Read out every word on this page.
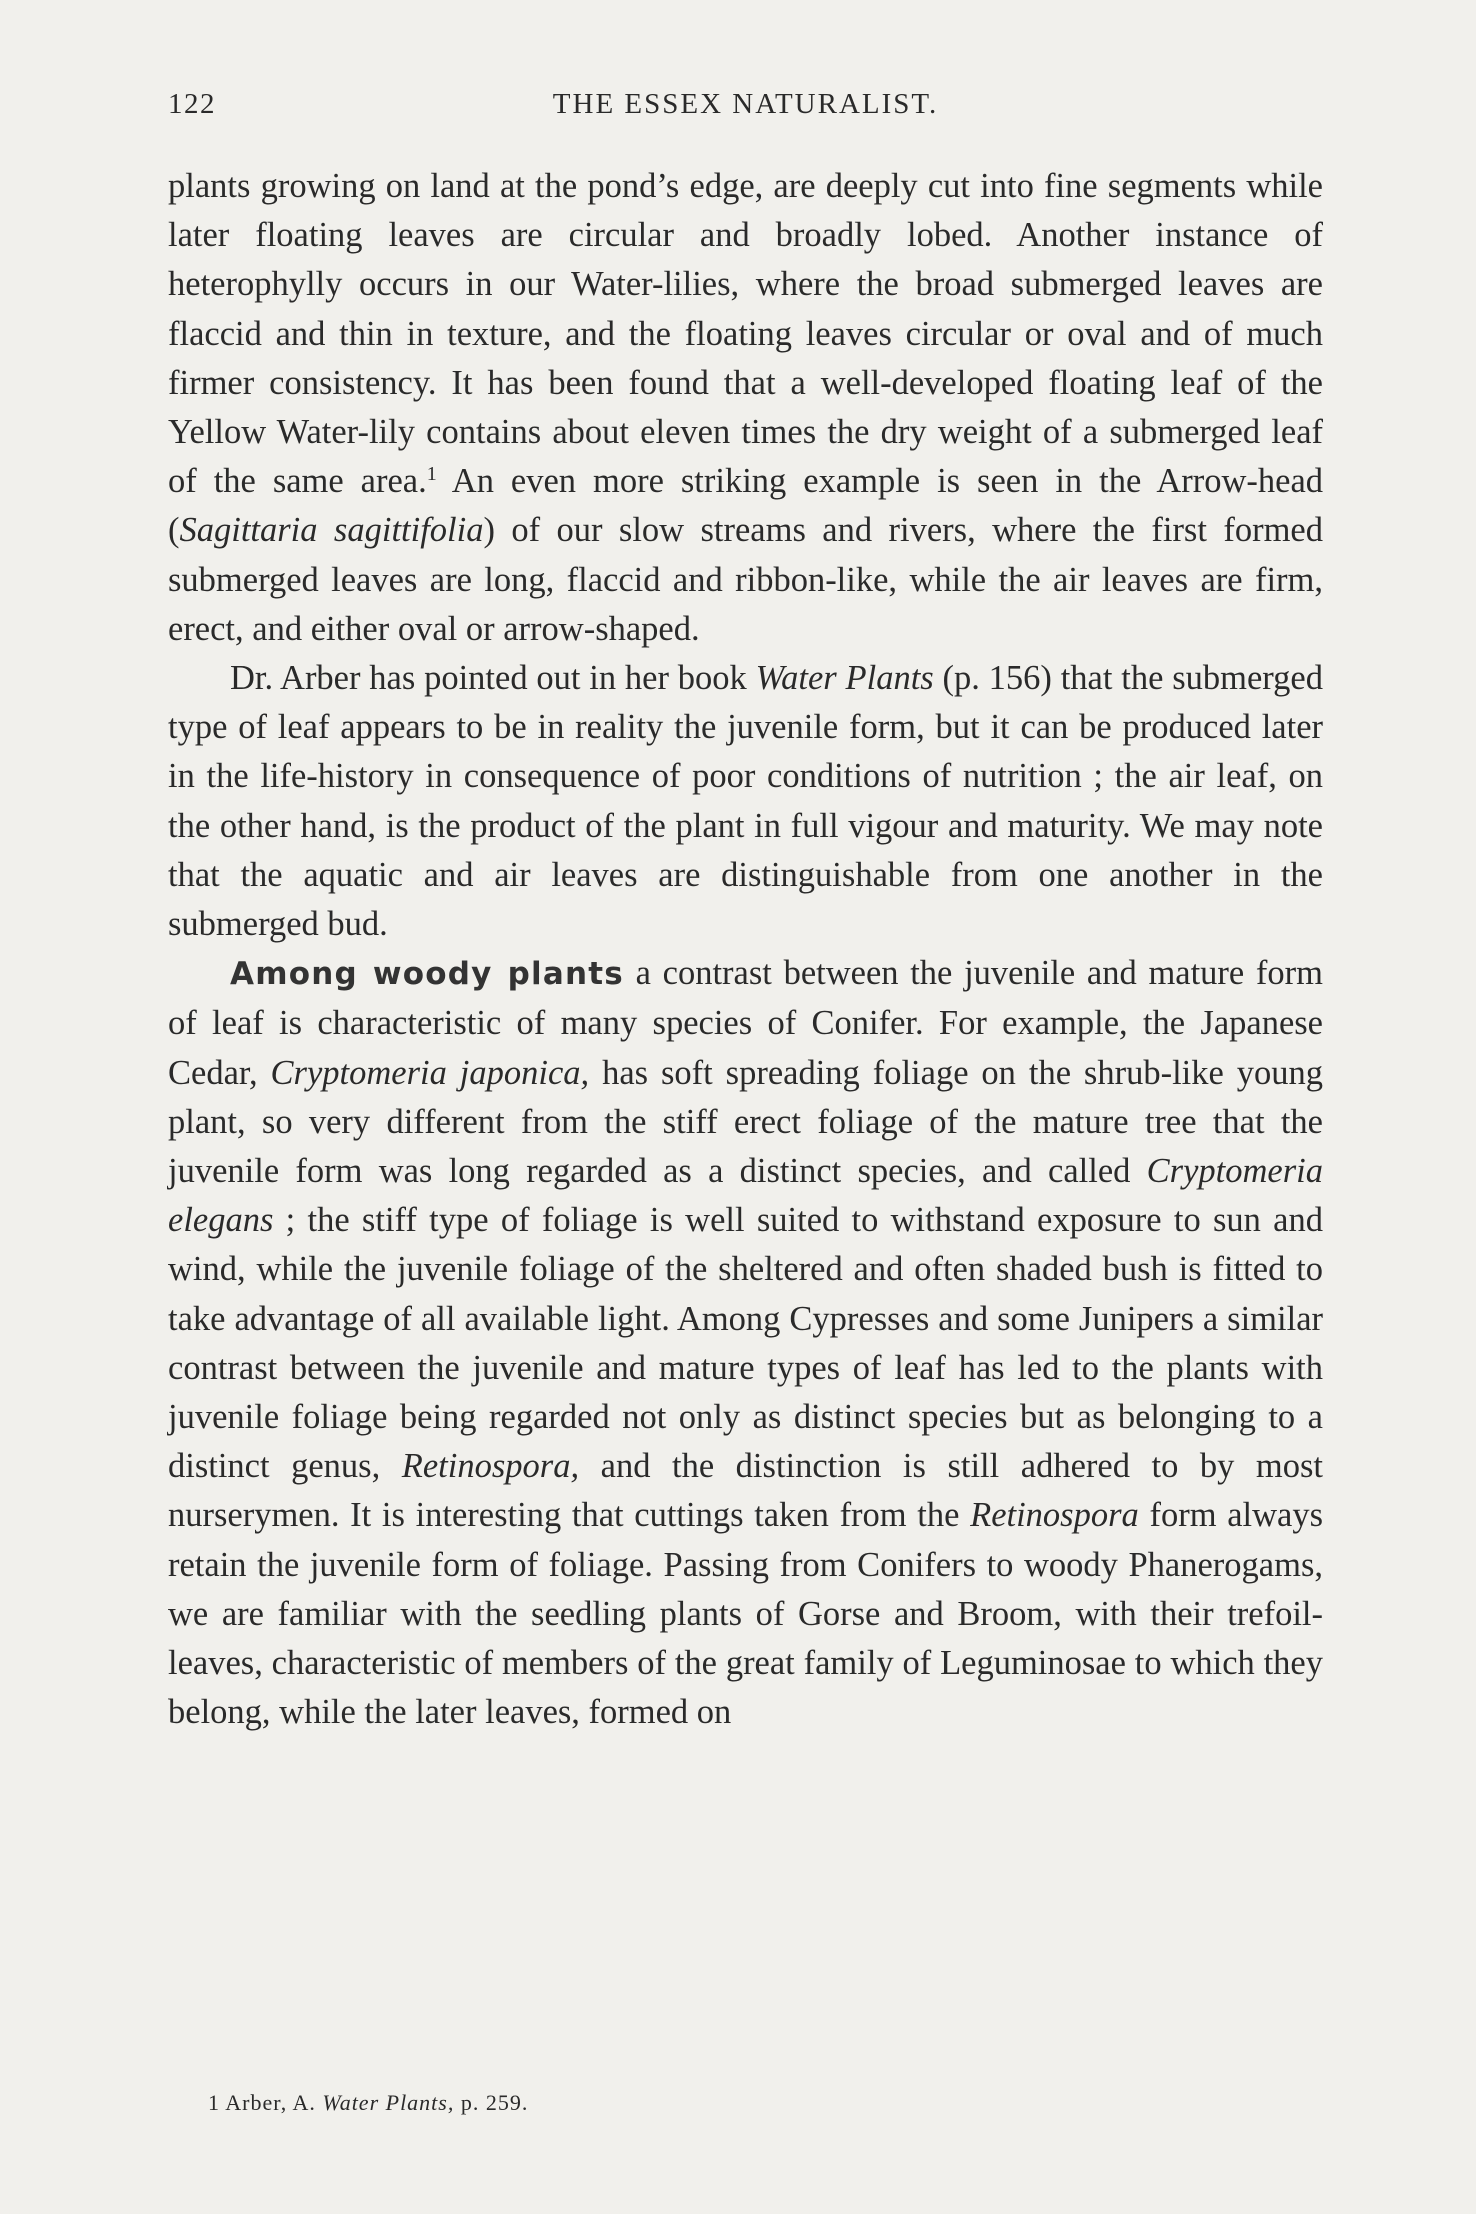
122	THE ESSEX NATURALIST.

plants growing on land at the pond’s edge, are deeply cut into fine segments while later floating leaves are circular and broadly lobed. Another instance of heterophylly occurs in our Water-lilies, where the broad submerged leaves are flaccid and thin in texture, and the floating leaves circular or oval and of much firmer consistency. It has been found that a well-developed floating leaf of the Yellow Water-lily contains about eleven times the dry weight of a submerged leaf of the same area.$^1$ An even more striking example is seen in the Arrow-head (Sagittaria sagittifolia) of our slow streams and rivers, where the first formed submerged leaves are long, flaccid and ribbon-like, while the air leaves are firm, erect, and either oval or arrow-shaped.

Dr. Arber has pointed out in her book Water Plants (p. 156) that the submerged type of leaf appears to be in reality the juvenile form, but it can be produced later in the life-history in consequence of poor conditions of nutrition ; the air leaf, on the other hand, is the product of the plant in full vigour and maturity. We may note that the aquatic and air leaves are distinguishable from one another in the submerged bud.

Among woody plants a contrast between the juvenile and mature form of leaf is characteristic of many species of Conifer. For example, the Japanese Cedar, Cryptomeria japonica, has soft spreading foliage on the shrub-like young plant, so very different from the stiff erect foliage of the mature tree that the juvenile form was long regarded as a distinct species, and called Cryptomeria elegans ; the stiff type of foliage is well suited to withstand exposure to sun and wind, while the juvenile foliage of the sheltered and often shaded bush is fitted to take advantage of all available light. Among Cypresses and some Junipers a similar contrast between the juvenile and mature types of leaf has led to the plants with juvenile foliage being regarded not only as distinct species but as belonging to a distinct genus, Retinospora, and the distinction is still adhered to by most nurserymen. It is interesting that cuttings taken from the Retinospora form always retain the juvenile form of foliage. Passing from Conifers to woody Phanerogams, we are familiar with the seedling plants of Gorse and Broom, with their trefoil-leaves, characteristic of members of the great family of Leguminosae to which they belong, while the later leaves, formed on

1 Arber, A. Water Plants, p. 259.
